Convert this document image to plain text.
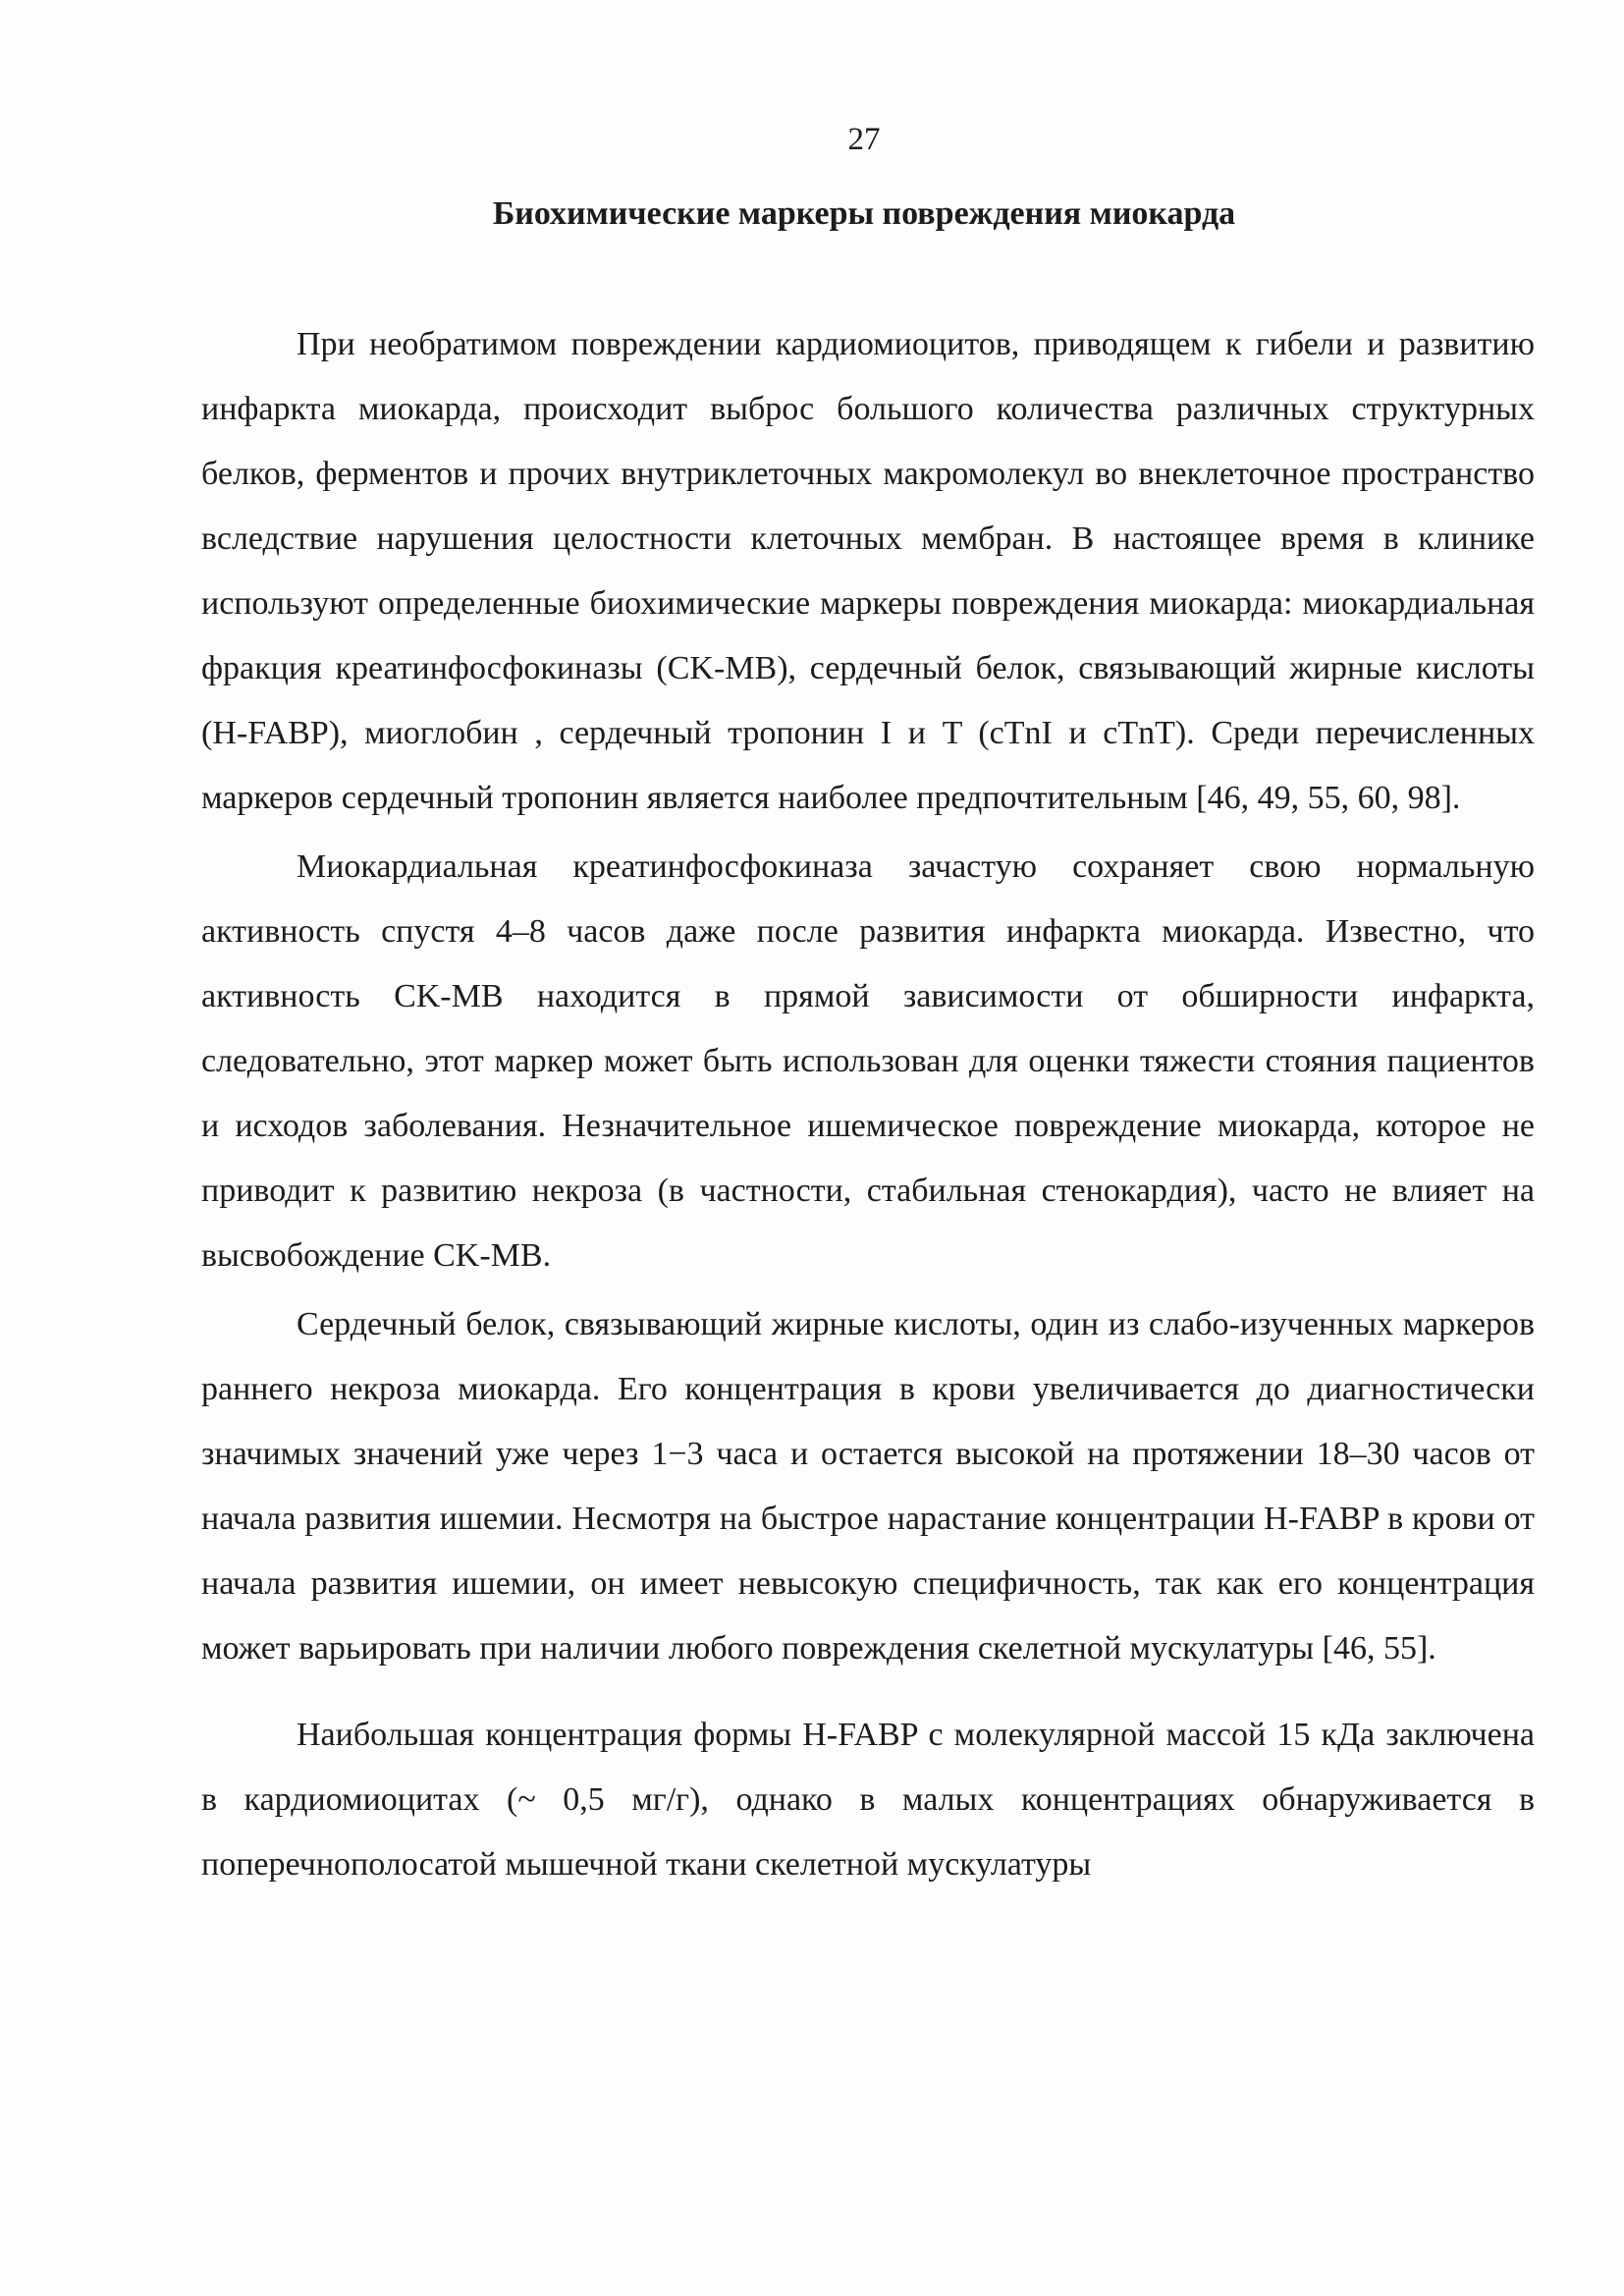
27
Биохимические маркеры повреждения миокарда

При необратимом повреждении кардиомиоцитов, приводящем к гибели и развитию инфаркта миокарда, происходит выброс большого количества различных структурных белков, ферментов и прочих внутриклеточных макромолекул во внеклеточное пространство вследствие нарушения целостности клеточных мембран. В настоящее время в клинике используют определенные биохимические маркеры повреждения миокарда: миокардиальная фракция креатинфосфокиназы (CK-MB), сердечный белок, связывающий жирные кислоты (H-FABP), миоглобин , сердечный тропонин I и T (cTnI и cTnT). Среди перечисленных маркеров сердечный тропонин является наиболее предпочтительным [46, 49, 55, 60, 98].

Миокардиальная креатинфосфокиназа зачастую сохраняет свою нормальную активность спустя 4–8 часов даже после развития инфаркта миокарда. Известно, что активность CK-MB находится в прямой зависимости от обширности инфаркта, следовательно, этот маркер может быть использован для оценки тяжести стояния пациентов и исходов заболевания. Незначительное ишемическое повреждение миокарда, которое не приводит к развитию некроза (в частности, стабильная стенокардия), часто не влияет на высвобождение CK-MB.

Сердечный белок, связывающий жирные кислоты, один из слабо-изученных маркеров раннего некроза миокарда. Его концентрация в крови увеличивается до диагностически значимых значений уже через 1−3 часа и остается высокой на протяжении 18–30 часов от начала развития ишемии. Несмотря на быстрое нарастание концентрации H-FABP в крови от начала развития ишемии, он имеет невысокую специфичность, так как его концентрация может варьировать при наличии любого повреждения скелетной мускулатуры [46, 55].

Наибольшая концентрация формы H-FABP с молекулярной массой 15 кДа заключена в кардиомиоцитах (~ 0,5 мг/г), однако в малых концентрациях обнаруживается в поперечнополосатой мышечной ткани скелетной мускулатуры
